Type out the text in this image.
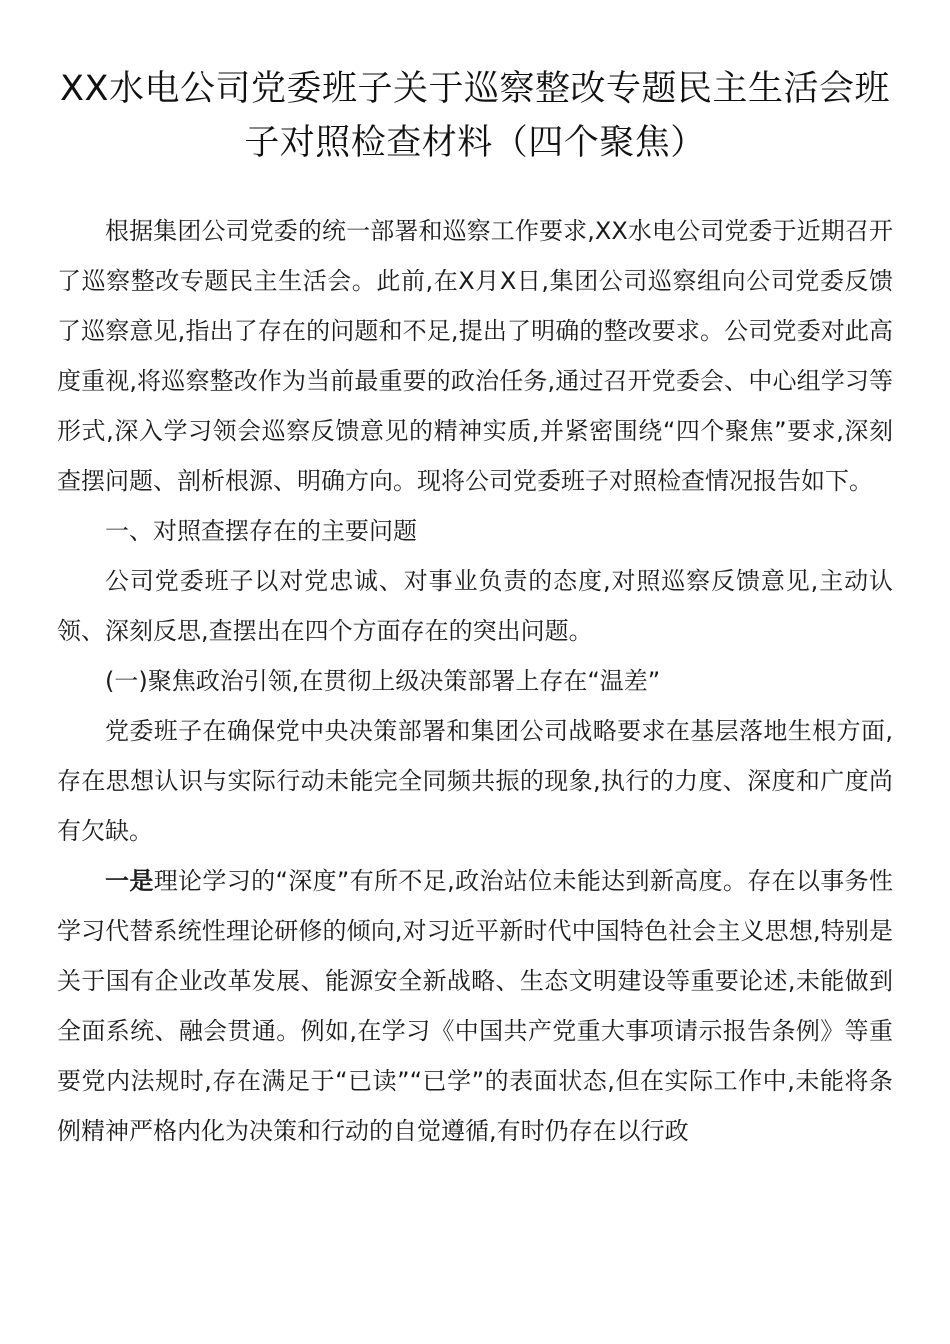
XX水电公司党委班子关于巡察整改专题民主生活会班子对照检查材料（四个聚焦）

根据集团公司党委的统一部署和巡察工作要求,XX水电公司党委于近期召开了巡察整改专题民主生活会。此前,在X月X日,集团公司巡察组向公司党委反馈了巡察意见,指出了存在的问题和不足,提出了明确的整改要求。公司党委对此高度重视,将巡察整改作为当前最重要的政治任务,通过召开党委会、中心组学习等形式,深入学习领会巡察反馈意见的精神实质,并紧密围绕“四个聚焦”要求,深刻查摆问题、剖析根源、明确方向。现将公司党委班子对照检查情况报告如下。

一、对照查摆存在的主要问题

公司党委班子以对党忠诚、对事业负责的态度,对照巡察反馈意见,主动认领、深刻反思,查摆出在四个方面存在的突出问题。

(一)聚焦政治引领,在贯彻上级决策部署上存在“温差”

党委班子在确保党中央决策部署和集团公司战略要求在基层落地生根方面,存在思想认识与实际行动未能完全同频共振的现象,执行的力度、深度和广度尚有欠缺。

一是理论学习的“深度”有所不足,政治站位未能达到新高度。存在以事务性学习代替系统性理论研修的倾向,对习近平新时代中国特色社会主义思想,特别是关于国有企业改革发展、能源安全新战略、生态文明建设等重要论述,未能做到全面系统、融会贯通。例如,在学习《中国共产党重大事项请示报告条例》等重要党内法规时,存在满足于“已读”“已学”的表面状态,但在实际工作中,未能将条例精神严格内化为决策和行动的自觉遵循,有时仍存在以行政
